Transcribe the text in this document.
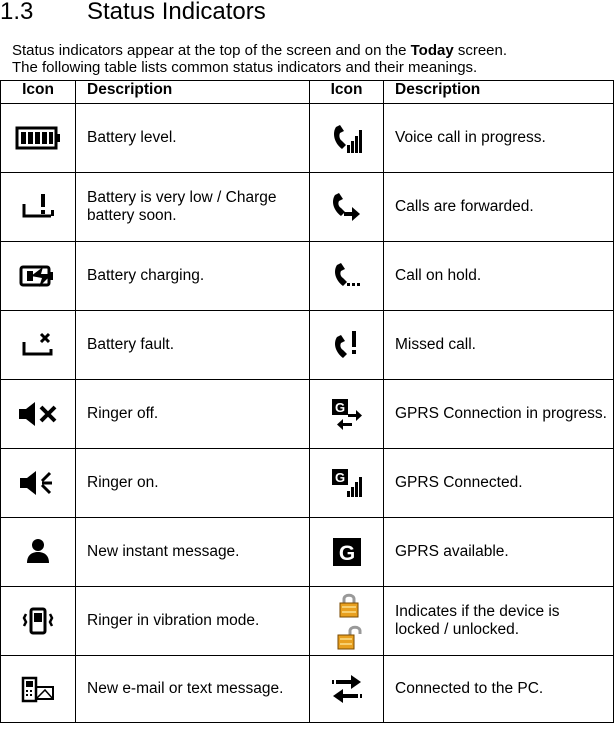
1.3 Status Indicators
Status indicators appear at the top of the screen and on the Today screen.
The following table lists common status indicators and their meanings.
Icon	Description	Icon	Description
	Battery level.		Voice call in progress.
	Battery is very low / Charge battery soon.		Calls are forwarded.
	Battery charging.		Call on hold.
	Battery fault.		Missed call.
	Ringer off.	G	GPRS Connection in progress.
	Ringer on.	G	GPRS Connected.
	New instant message.	G	GPRS available.
	Ringer in vibration mode.		Indicates if the device is locked / unlocked.
	New e-mail or text message.		Connected to the PC.
